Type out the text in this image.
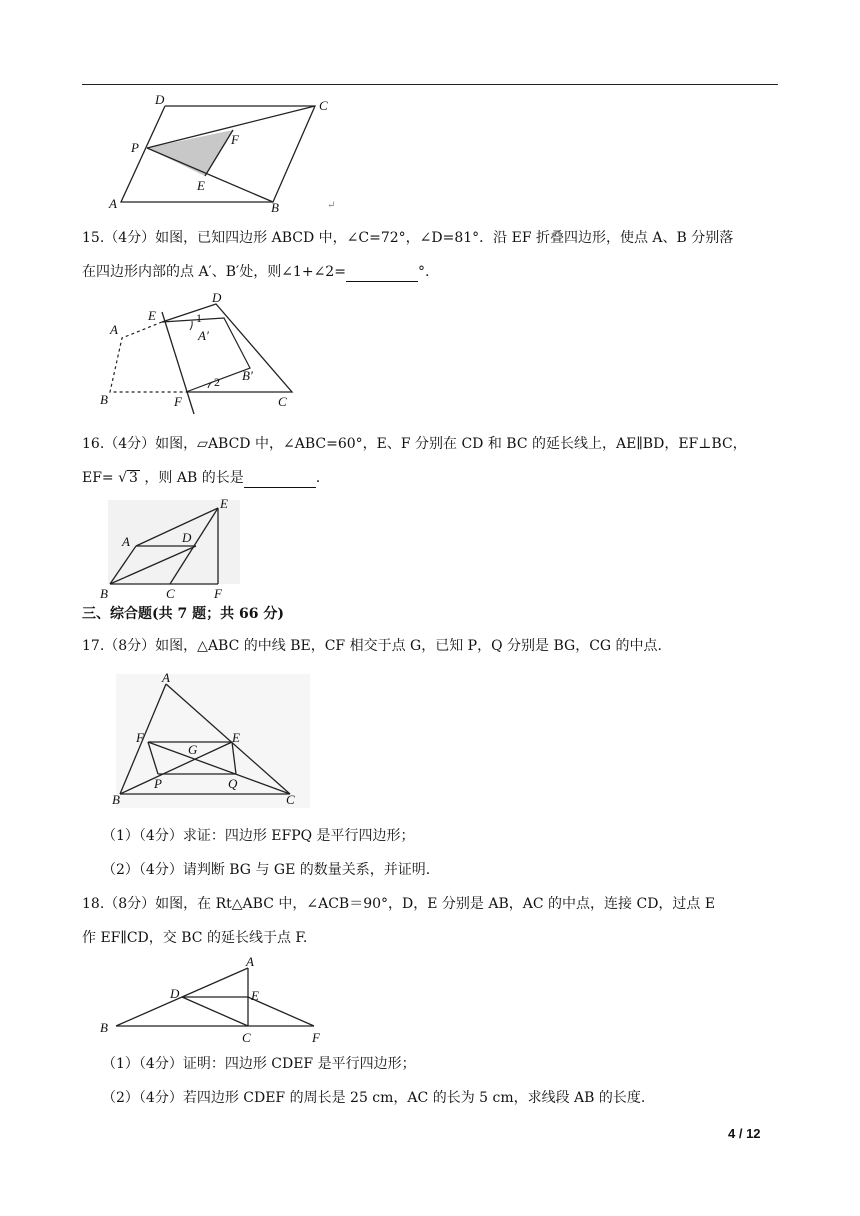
D	C
P
F
E
A	B	↵
15.（4分）如图，已知四边形 ABCD 中，∠C=72°，∠D=81°．沿 EF 折叠四边形，使点 A、B 分别落
在四边形内部的点 A′、B′处，则∠1+∠2=	°.
D
E	1
A′
A
B′
2
B	F	C
16.（4分）如图，▱ABCD 中，∠ABC=60°，E、F 分别在 CD 和 BC 的延长线上，AE∥BD，EF⊥BC，
EF= √ 3 ，则 AB 的长是	.
E
A	D
B	C	F
三、综合题(共 7 题；共 66 分)
17.（8分）如图，△ABC 的中线 BE，CF 相交于点 G，已知 P，Q 分别是 BG，CG 的中点.
A
F
G
E
P	Q
B	C
（1）（4分）求证：四边形 EFPQ 是平行四边形；
（2）（4分）请判断 BG 与 GE 的数量关系，并证明.
18.（8分）如图，在 Rt△ABC 中，∠ACB＝90°，D，E 分别是 AB，AC 的中点，连接 CD，过点 E
作 EF∥CD，交 BC 的延长线于点 F.
A
D	E
B
C	F
（1）（4分）证明：四边形 CDEF 是平行四边形；
（2）（4分）若四边形 CDEF 的周长是 25 cm，AC 的长为 5 cm，求线段 AB 的长度.
4 / 12
